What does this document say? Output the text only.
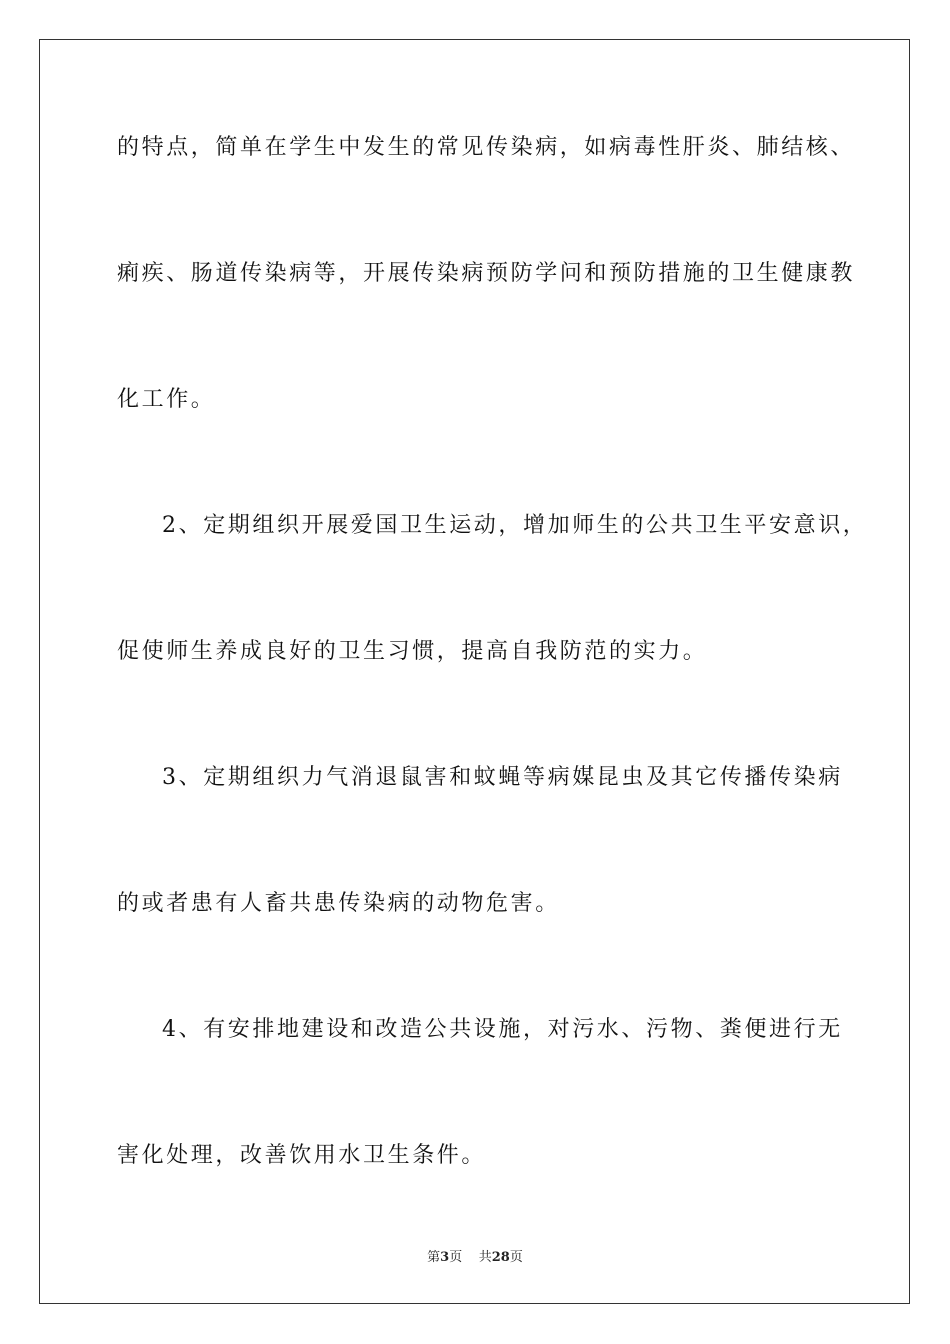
的特点，简单在学生中发生的常见传染病，如病毒性肝炎、肺结核、
痢疾、肠道传染病等，开展传染病预防学问和预防措施的卫生健康教
化工作。
2、定期组织开展爱国卫生运动，增加师生的公共卫生平安意识，
促使师生养成良好的卫生习惯，提高自我防范的实力。
3、定期组织力气消退鼠害和蚊蝇等病媒昆虫及其它传播传染病
的或者患有人畜共患传染病的动物危害。
4、有安排地建设和改造公共设施，对污水、污物、粪便进行无
害化处理，改善饮用水卫生条件。
第3页 共28页
